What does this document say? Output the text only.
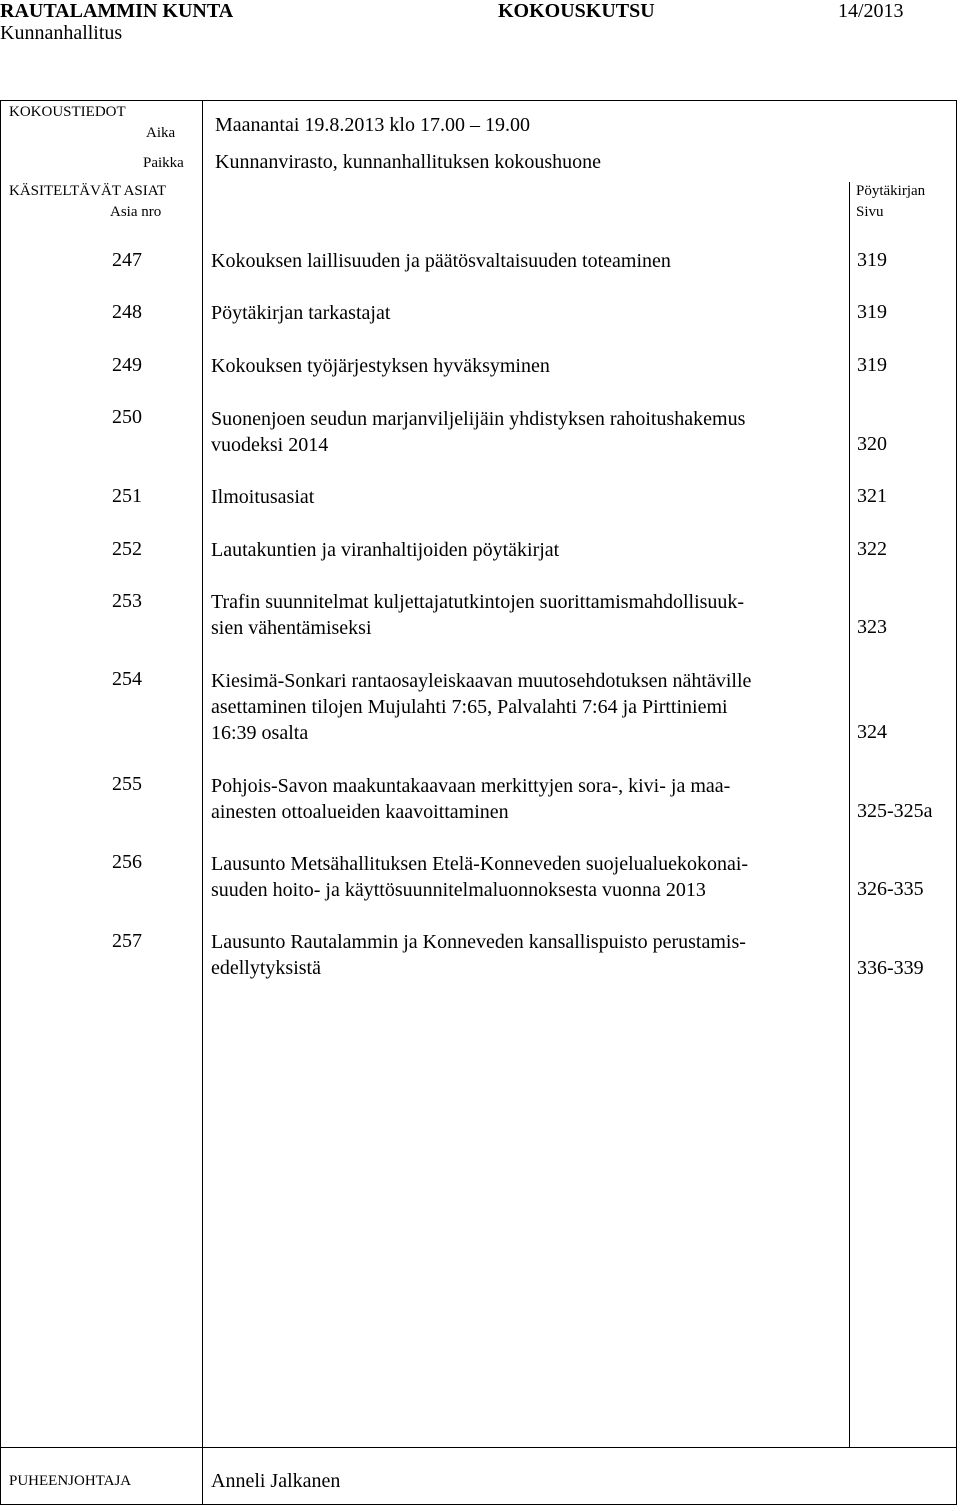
RAUTALAMMIN KUNTA	KOKOUSKUTSU	14/2013
Kunnanhallitus
KOKOUSTIEDOT
Aika Maanantai 19.8.2013 klo 17.00 – 19.00
Paikka Kunnanvirasto, kunnanhallituksen kokoushuone
KÄSITELTÄVÄT ASIAT
Asia nro
Pöytäkirjan
Sivu
247	Kokouksen laillisuuden ja päätösvaltaisuuden toteaminen	319
248	Pöytäkirjan tarkastajat	319
249	Kokouksen työjärjestyksen hyväksyminen	319
250	Suonenjoen seudun marjanviljelijäin yhdistyksen rahoitushakemus
vuodeksi 2014	320
251	Ilmoitusasiat	321
252	Lautakuntien ja viranhaltijoiden pöytäkirjat	322
253	Trafin suunnitelmat kuljettajatutkintojen suorittamismahdollisuuk-
sien vähentämiseksi	323
254	Kiesimä-Sonkari rantaosayleiskaavan muutosehdotuksen nähtäville
asettaminen tilojen Mujulahti 7:65, Palvalahti 7:64 ja Pirttiniemi
16:39 osalta	324
255	Pohjois-Savon maakuntakaavaan merkittyjen sora-, kivi- ja maa-
ainesten ottoalueiden kaavoittaminen	325-325a
256	Lausunto Metsähallituksen Etelä-Konneveden suojelualuekokonai-
suuden hoito- ja käyttösuunnitelmaluonnoksesta vuonna 2013	326-335
257	Lausunto Rautalammin ja Konneveden kansallispuisto perustamis-
edellytyksistä	336-339
PUHEENJOHTAJA	Anneli Jalkanen
